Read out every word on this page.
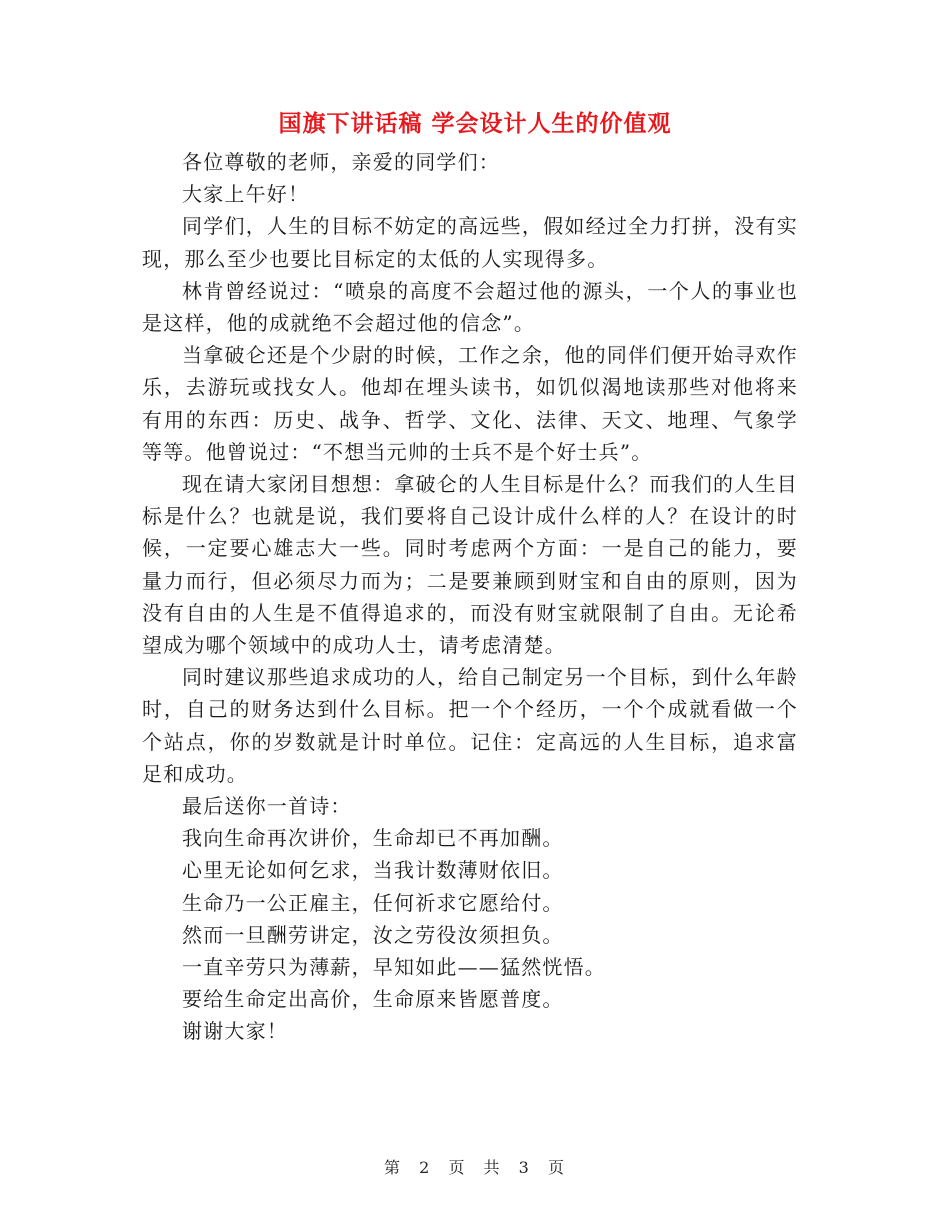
国旗下讲话稿 学会设计人生的价值观

各位尊敬的老师，亲爱的同学们：

大家上午好！

同学们，人生的目标不妨定的高远些，假如经过全力打拼，没有实现，那么至少也要比目标定的太低的人实现得多。

林肯曾经说过：“喷泉的高度不会超过他的源头，一个人的事业也是这样，他的成就绝不会超过他的信念”。

当拿破仑还是个少尉的时候，工作之余，他的同伴们便开始寻欢作乐，去游玩或找女人。他却在埋头读书，如饥似渴地读那些对他将来有用的东西：历史、战争、哲学、文化、法律、天文、地理、气象学等等。他曾说过：“不想当元帅的士兵不是个好士兵”。

现在请大家闭目想想：拿破仑的人生目标是什么？而我们的人生目标是什么？也就是说，我们要将自己设计成什么样的人？在设计的时候，一定要心雄志大一些。同时考虑两个方面：一是自己的能力，要量力而行，但必须尽力而为；二是要兼顾到财宝和自由的原则，因为没有自由的人生是不值得追求的，而没有财宝就限制了自由。无论希望成为哪个领域中的成功人士，请考虑清楚。

同时建议那些追求成功的人，给自己制定另一个目标，到什么年龄时，自己的财务达到什么目标。把一个个经历，一个个成就看做一个个站点，你的岁数就是计时单位。记住：定高远的人生目标，追求富足和成功。

最后送你一首诗：

我向生命再次讲价，生命却已不再加酬。

心里无论如何乞求，当我计数薄财依旧。

生命乃一公正雇主，任何祈求它愿给付。

然而一旦酬劳讲定，汝之劳役汝须担负。

一直辛劳只为薄薪，早知如此——猛然恍悟。

要给生命定出高价，生命原来皆愿普度。

谢谢大家！

第 2 页 共 3 页
